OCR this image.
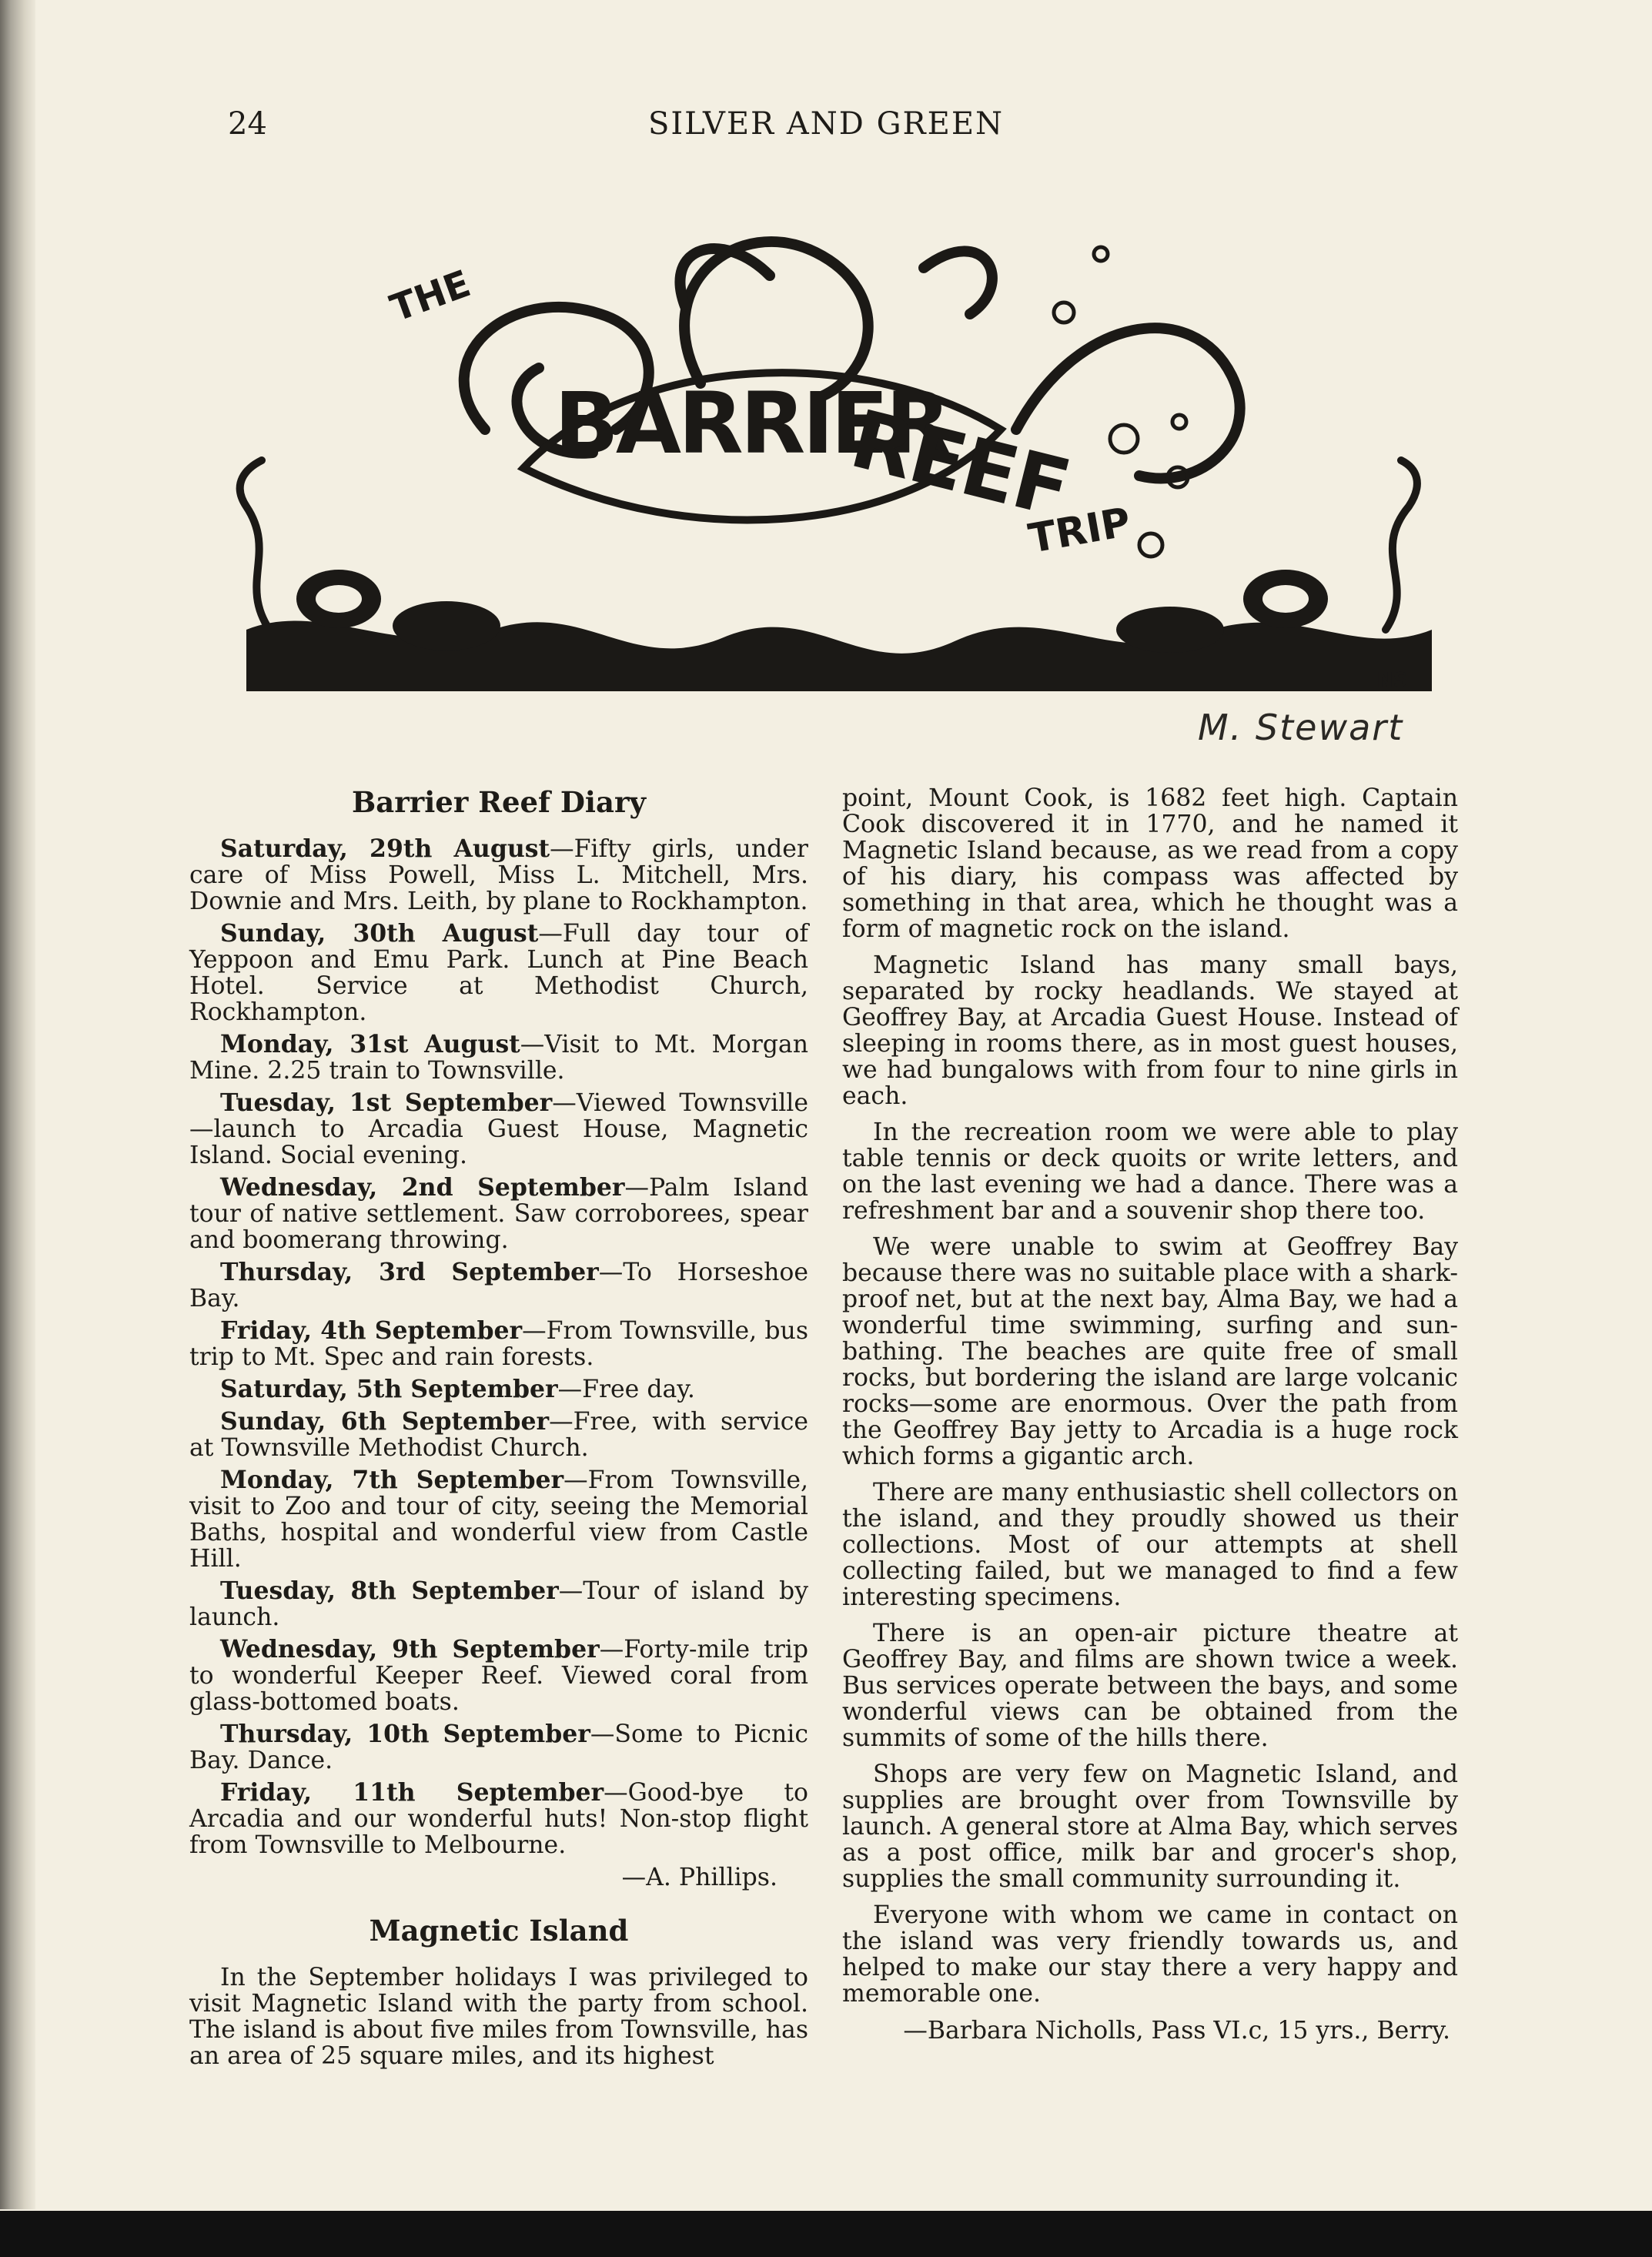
24	SILVER AND GREEN
THE
BARRIER
REEF
TRIP
NS
M. Stewart
Barrier Reef Diary

Saturday, 29th August—Fifty girls, under care of Miss Powell, Miss L. Mitchell, Mrs. Downie and Mrs. Leith, by plane to Rockhampton.

Sunday, 30th August—Full day tour of Yeppoon and Emu Park. Lunch at Pine Beach Hotel. Service at Methodist Church, Rockhampton.

Monday, 31st August—Visit to Mt. Morgan Mine. 2.25 train to Townsville.

Tuesday, 1st September—Viewed Townsville—launch to Arcadia Guest House, Magnetic Island. Social evening.

Wednesday, 2nd September—Palm Island tour of native settlement. Saw corroborees, spear and boomerang throwing.

Thursday, 3rd September—To Horseshoe Bay.

Friday, 4th September—From Townsville, bus trip to Mt. Spec and rain forests.

Saturday, 5th September—Free day.

Sunday, 6th September—Free, with service at Townsville Methodist Church.

Monday, 7th September—From Townsville, visit to Zoo and tour of city, seeing the Memorial Baths, hospital and wonderful view from Castle Hill.

Tuesday, 8th September—Tour of island by launch.

Wednesday, 9th September—Forty-mile trip to wonderful Keeper Reef. Viewed coral from glass-bottomed boats.

Thursday, 10th September—Some to Picnic Bay. Dance.

Friday, 11th September—Good-bye to Arcadia and our wonderful huts! Non-stop flight from Townsville to Melbourne.

—A. Phillips.

Magnetic Island

In the September holidays I was privileged to visit Magnetic Island with the party from school. The island is about five miles from Townsville, has an area of 25 square miles, and its highest

point, Mount Cook, is 1682 feet high. Captain Cook discovered it in 1770, and he named it Magnetic Island because, as we read from a copy of his diary, his compass was affected by something in that area, which he thought was a form of magnetic rock on the island.

Magnetic Island has many small bays, separated by rocky headlands. We stayed at Geoffrey Bay, at Arcadia Guest House. Instead of sleeping in rooms there, as in most guest houses, we had bungalows with from four to nine girls in each.

In the recreation room we were able to play table tennis or deck quoits or write letters, and on the last evening we had a dance. There was a refreshment bar and a souvenir shop there too.

We were unable to swim at Geoffrey Bay because there was no suitable place with a shark-proof net, but at the next bay, Alma Bay, we had a wonderful time swimming, surfing and sun-bathing. The beaches are quite free of small rocks, but bordering the island are large volcanic rocks—some are enormous. Over the path from the Geoffrey Bay jetty to Arcadia is a huge rock which forms a gigantic arch.

There are many enthusiastic shell collectors on the island, and they proudly showed us their collections. Most of our attempts at shell collecting failed, but we managed to find a few interesting specimens.

There is an open-air picture theatre at Geoffrey Bay, and films are shown twice a week. Bus services operate between the bays, and some wonderful views can be obtained from the summits of some of the hills there.

Shops are very few on Magnetic Island, and supplies are brought over from Townsville by launch. A general store at Alma Bay, which serves as a post office, milk bar and grocer's shop, supplies the small community surrounding it.

Everyone with whom we came in contact on the island was very friendly towards us, and helped to make our stay there a very happy and memorable one.

—Barbara Nicholls, Pass VI.c, 15 yrs., Berry.
